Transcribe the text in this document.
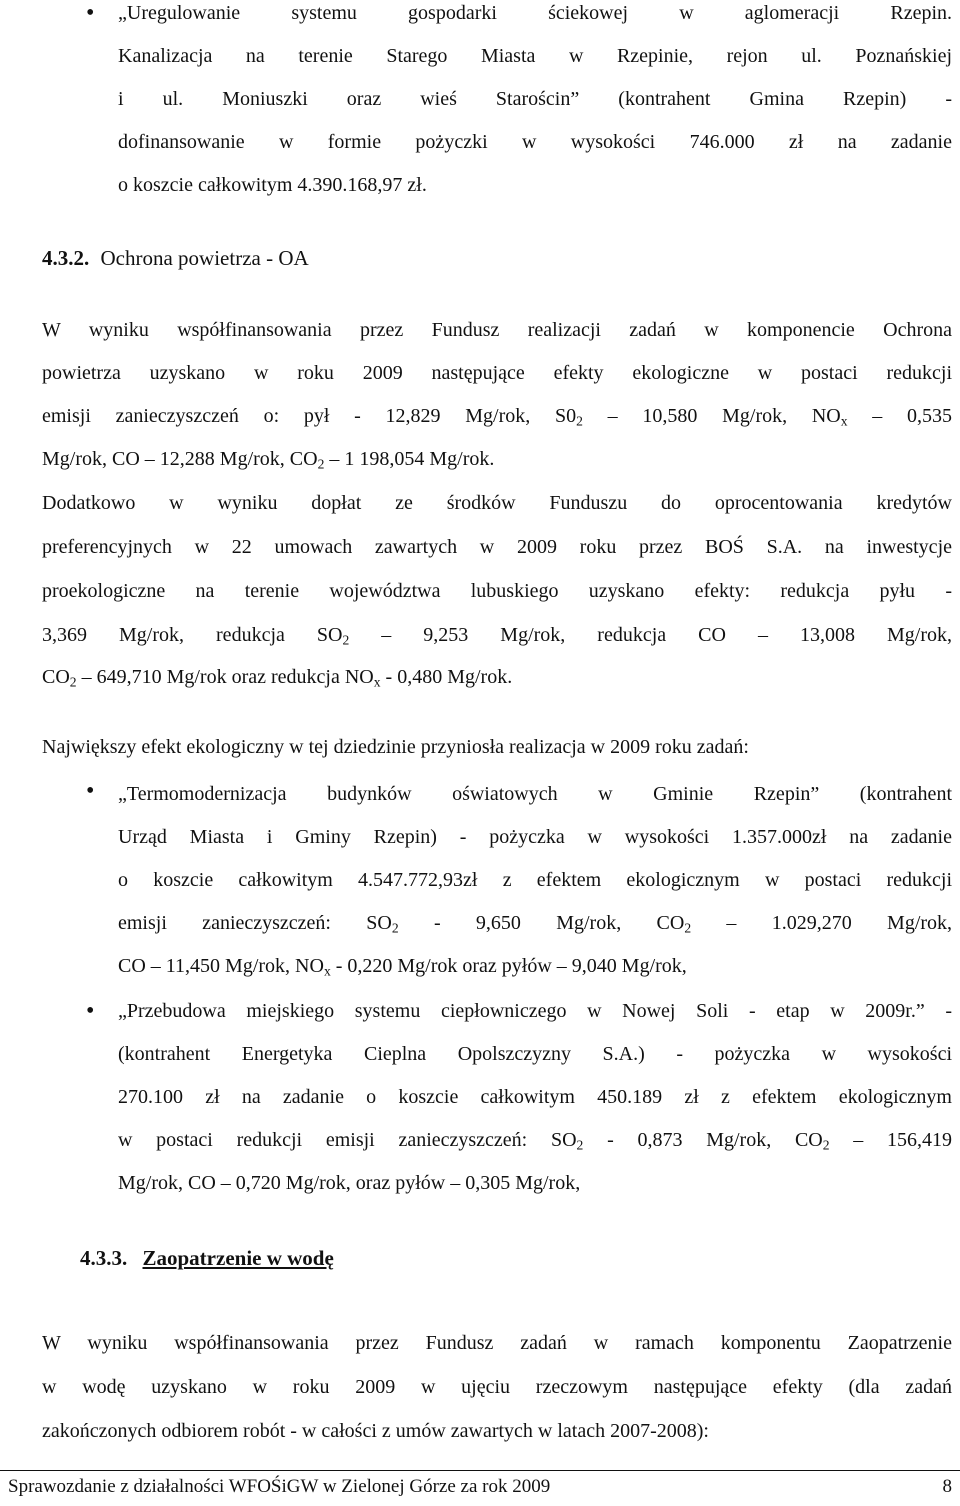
• „Uregulowanie systemu gospodarki ściekowej w aglomeracji Rzepin.

Kanalizacja na terenie Starego Miasta w Rzepinie, rejon ul. Poznańskiej

i ul. Moniuszki oraz wieś Starościn” (kontrahent Gmina Rzepin) -

dofinansowanie w formie pożyczki w wysokości 746.000 zł na zadanie

o koszcie całkowitym 4.390.168,97 zł.

4.3.2. Ochrona powietrza - OA

W wyniku współfinansowania przez Fundusz realizacji zadań w komponencie Ochrona

powietrza uzyskano w roku 2009 następujące efekty ekologiczne w postaci redukcji

emisji zanieczyszczeń o: pył - 12,829 Mg/rok, $S0_2 - 10,580$ Mg/rok, $NO_x - 0,535$

Mg/rok, CO – 12,288 Mg/rok, $CO_2 - 1$ 198,054 Mg/rok.

Dodatkowo w wyniku dopłat ze środków Funduszu do oprocentowania kredytów

preferencyjnych w 22 umowach zawartych w 2009 roku przez BOŚ S.A. na inwestycje

proekologiczne na terenie województwa lubuskiego uzyskano efekty: redukcja pyłu -

3,369 Mg/rok, redukcja $SO_2 - 9,253$ Mg/rok, redukcja CO – 13,008 Mg/rok,

$CO_2 - 649,710$ Mg/rok oraz redukcja $NO_x - 0,480$ Mg/rok.

Największy efekt ekologiczny w tej dziedzinie przyniosła realizacja w 2009 roku zadań:

• „Termomodernizacja budynków oświatowych w Gminie Rzepin” (kontrahent

Urząd Miasta i Gminy Rzepin) - pożyczka w wysokości 1.357.000zł na zadanie

o koszcie całkowitym 4.547.772,93zł z efektem ekologicznym w postaci redukcji

emisji zanieczyszczeń: $SO_2 - 9,650$ Mg/rok, $CO_2 - 1.029,270$ Mg/rok,

CO – 11,450 Mg/rok, $NO_x - 0,220$ Mg/rok oraz pyłów – 9,040 Mg/rok,

• „Przebudowa miejskiego systemu ciepłowniczego w Nowej Soli - etap w 2009r.” -

(kontrahent Energetyka Cieplna Opolszczyzny S.A.) - pożyczka w wysokości

270.100 zł na zadanie o koszcie całkowitym 450.189 zł z efektem ekologicznym

w postaci redukcji emisji zanieczyszczeń: $SO_2 - 0,873$ Mg/rok, $CO_2 - 156,419$

Mg/rok, CO – 0,720 Mg/rok, oraz pyłów – 0,305 Mg/rok,

4.3.3. Zaopatrzenie w wodę

W wyniku współfinansowania przez Fundusz zadań w ramach komponentu Zaopatrzenie

w wodę uzyskano w roku 2009 w ujęciu rzeczowym następujące efekty (dla zadań

zakończonych odbiorem robót - w całości z umów zawartych w latach 2007-2008):

Sprawozdanie z działalności WFOŚiGW w Zielonej Górze za rok 2009	8
